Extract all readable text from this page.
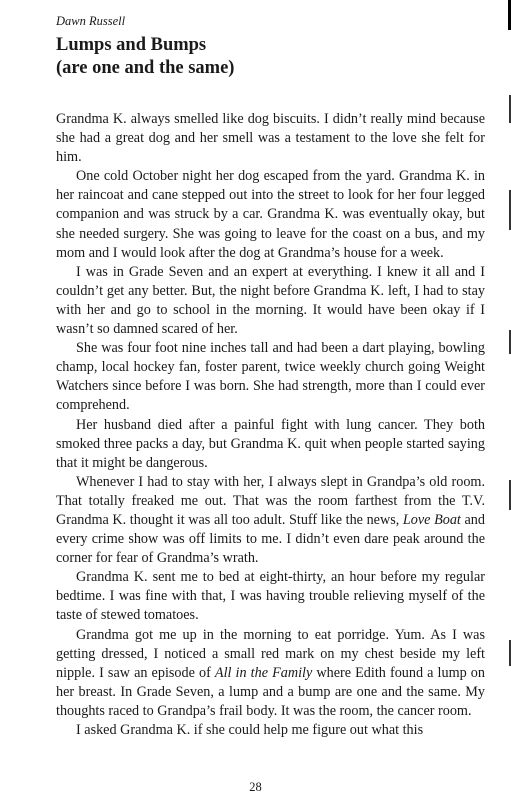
Dawn Russell
Lumps and Bumps
(are one and the same)

Grandma K. always smelled like dog biscuits. I didn’t really mind because she had a great dog and her smell was a testament to the love she felt for him.

One cold October night her dog escaped from the yard. Grandma K. in her raincoat and cane stepped out into the street to look for her four legged companion and was struck by a car. Grandma K. was eventually okay, but she needed surgery. She was going to leave for the coast on a bus, and my mom and I would look after the dog at Grandma’s house for a week.

I was in Grade Seven and an expert at everything. I knew it all and I couldn’t get any better. But, the night before Grandma K. left, I had to stay with her and go to school in the morning. It would have been okay if I wasn’t so damned scared of her.

She was four foot nine inches tall and had been a dart playing, bowling champ, local hockey fan, foster parent, twice weekly church going Weight Watchers since before I was born. She had strength, more than I could ever comprehend.

Her husband died after a painful fight with lung cancer. They both smoked three packs a day, but Grandma K. quit when people started saying that it might be dangerous.

Whenever I had to stay with her, I always slept in Grandpa’s old room. That totally freaked me out. That was the room farthest from the T.V. Grandma K. thought it was all too adult. Stuff like the news, Love Boat and every crime show was off limits to me. I didn’t even dare peak around the corner for fear of Grandma’s wrath.

Grandma K. sent me to bed at eight-thirty, an hour before my regular bedtime. I was fine with that, I was having trouble relieving myself of the taste of stewed tomatoes.

Grandma got me up in the morning to eat porridge. Yum. As I was getting dressed, I noticed a small red mark on my chest beside my left nipple. I saw an episode of All in the Family where Edith found a lump on her breast. In Grade Seven, a lump and a bump are one and the same. My thoughts raced to Grandpa’s frail body. It was the room, the cancer room.

I asked Grandma K. if she could help me figure out what this

28
